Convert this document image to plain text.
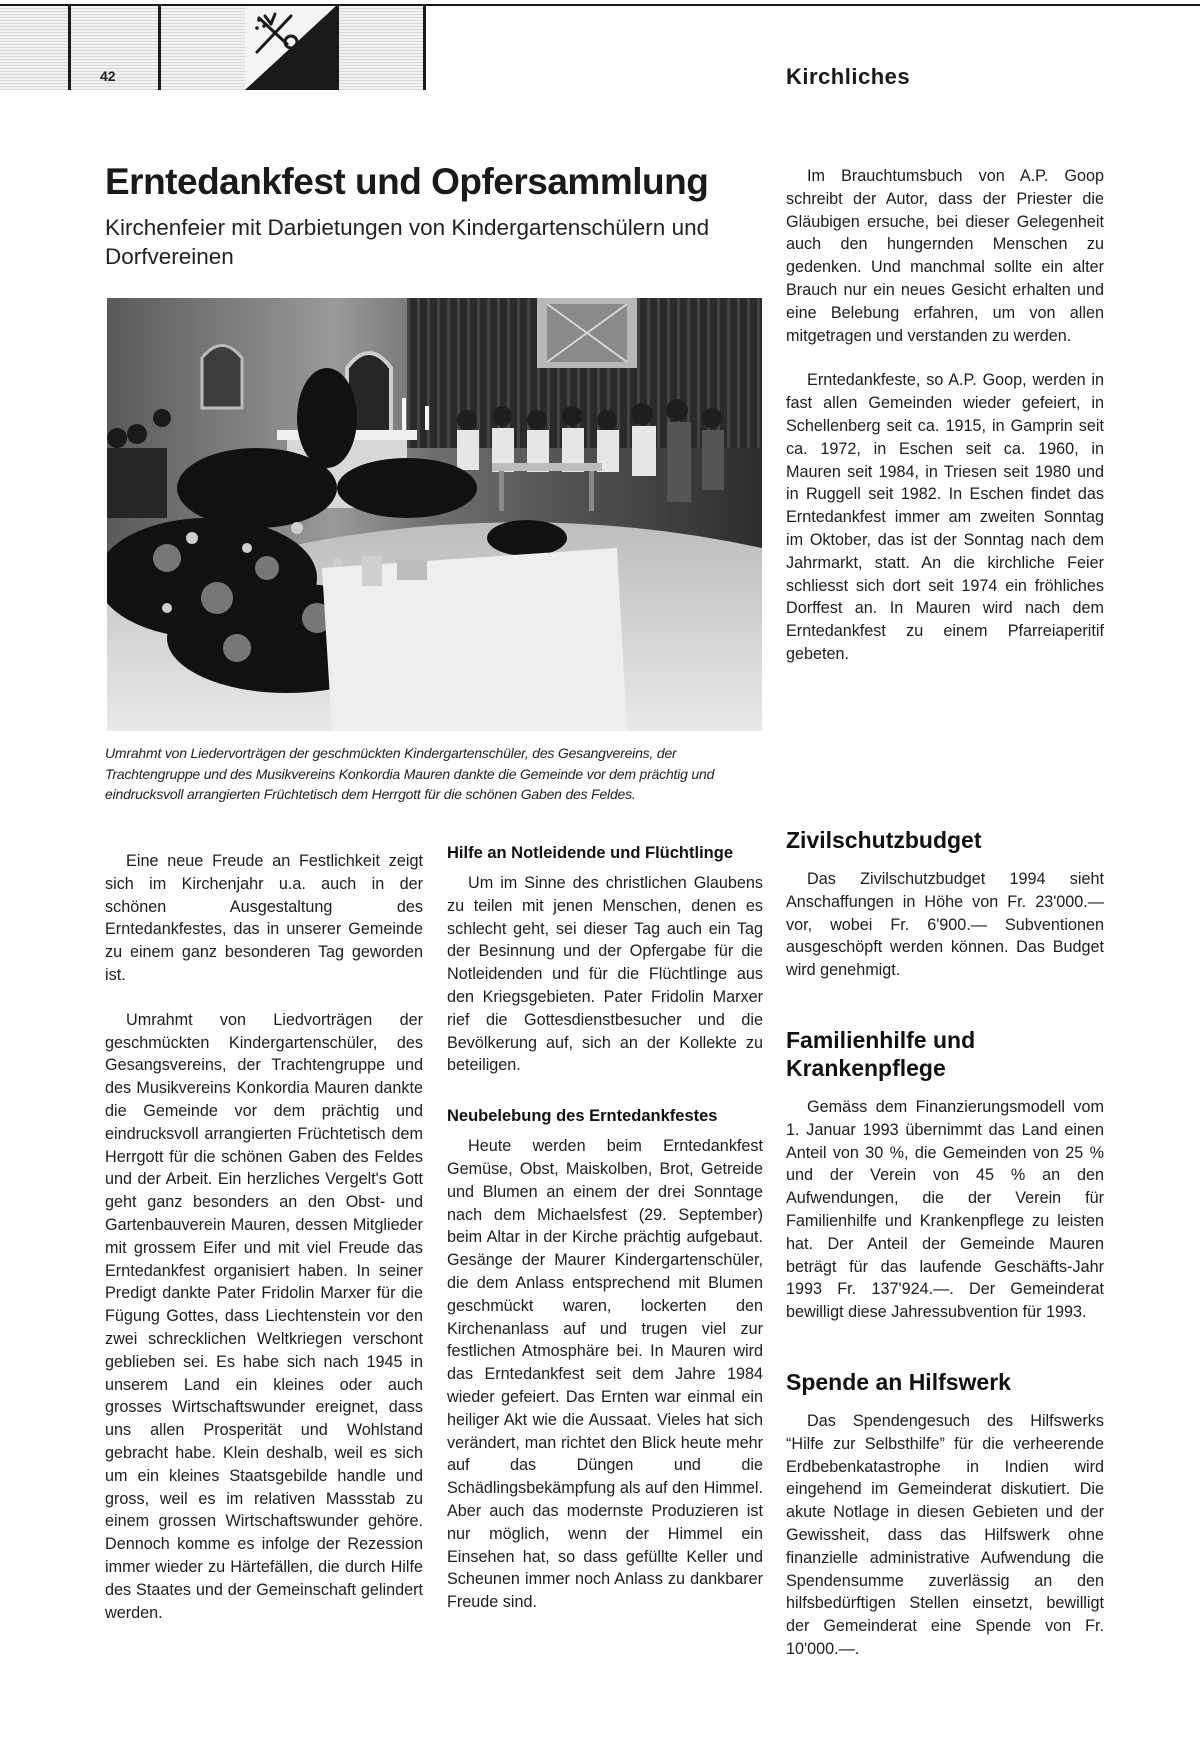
42	Kirchliches
Erntedankfest und Opfersammlung

Kirchenfeier mit Darbietungen von Kindergartenschülern und Dorfvereinen

Umrahmt von Liedervorträgen der geschmückten Kindergartenschüler, des Gesangvereins, der Trachtengruppe und des Musikvereins Konkordia Mauren dankte die Gemeinde vor dem prächtig und eindrucksvoll arrangierten Früchtetisch dem Herrgott für die schönen Gaben des Feldes.

Eine neue Freude an Festlichkeit zeigt sich im Kirchenjahr u.a. auch in der schönen Ausgestaltung des Erntedankfestes, das in unserer Gemeinde zu einem ganz besonderen Tag geworden ist.

Umrahmt von Liedvorträgen der geschmückten Kindergartenschüler, des Gesangsvereins, der Trachtengruppe und des Musikvereins Konkordia Mauren dankte die Gemeinde vor dem prächtig und eindrucksvoll arrangierten Früchtetisch dem Herrgott für die schönen Gaben des Feldes und der Arbeit. Ein herzliches Vergelt's Gott geht ganz besonders an den Obst- und Gartenbauverein Mauren, dessen Mitglieder mit grossem Eifer und mit viel Freude das Erntedankfest organisiert haben. In seiner Predigt dankte Pater Fridolin Marxer für die Fügung Gottes, dass Liechtenstein vor den zwei schrecklichen Weltkriegen verschont geblieben sei. Es habe sich nach 1945 in unserem Land ein kleines oder auch grosses Wirtschaftswunder ereignet, dass uns allen Prosperität und Wohlstand gebracht habe. Klein deshalb, weil es sich um ein kleines Staatsgebilde handle und gross, weil es im relativen Massstab zu einem grossen Wirtschaftswunder gehöre. Dennoch komme es infolge der Rezession immer wieder zu Härtefällen, die durch Hilfe des Staates und der Gemeinschaft gelindert werden.

Hilfe an Notleidende und Flüchtlinge

Um im Sinne des christlichen Glaubens zu teilen mit jenen Menschen, denen es schlecht geht, sei dieser Tag auch ein Tag der Besinnung und der Opfergabe für die Notleidenden und für die Flüchtlinge aus den Kriegsgebieten. Pater Fridolin Marxer rief die Gottesdienstbesucher und die Bevölkerung auf, sich an der Kollekte zu beteiligen.

Neubelebung des Erntedankfestes

Heute werden beim Erntedankfest Gemüse, Obst, Maiskolben, Brot, Getreide und Blumen an einem der drei Sonntage nach dem Michaelsfest (29. September) beim Altar in der Kirche prächtig aufgebaut. Gesänge der Maurer Kindergartenschüler, die dem Anlass entsprechend mit Blumen geschmückt waren, lockerten den Kirchenanlass auf und trugen viel zur festlichen Atmosphäre bei. In Mauren wird das Erntedankfest seit dem Jahre 1984 wieder gefeiert. Das Ernten war einmal ein heiliger Akt wie die Aussaat. Vieles hat sich verändert, man richtet den Blick heute mehr auf das Düngen und die Schädlingsbekämpfung als auf den Himmel. Aber auch das modernste Produzieren ist nur möglich, wenn der Himmel ein Einsehen hat, so dass gefüllte Keller und Scheunen immer noch Anlass zu dankbarer Freude sind.

Im Brauchtumsbuch von A.P. Goop schreibt der Autor, dass der Priester die Gläubigen ersuche, bei dieser Gelegenheit auch den hungernden Menschen zu gedenken. Und manchmal sollte ein alter Brauch nur ein neues Gesicht erhalten und eine Belebung erfahren, um von allen mitgetragen und verstanden zu werden.

Erntedankfeste, so A.P. Goop, werden in fast allen Gemeinden wieder gefeiert, in Schellenberg seit ca. 1915, in Gamprin seit ca. 1972, in Eschen seit ca. 1960, in Mauren seit 1984, in Triesen seit 1980 und in Ruggell seit 1982. In Eschen findet das Erntedankfest immer am zweiten Sonntag im Oktober, das ist der Sonntag nach dem Jahrmarkt, statt. An die kirchliche Feier schliesst sich dort seit 1974 ein fröhliches Dorffest an. In Mauren wird nach dem Erntedankfest zu einem Pfarreiaperitif gebeten.

Zivilschutzbudget

Das Zivilschutzbudget 1994 sieht Anschaffungen in Höhe von Fr. 23'000.— vor, wobei Fr. 6'900.— Subventionen ausgeschöpft werden können. Das Budget wird genehmigt.

Familienhilfe und Krankenpflege

Gemäss dem Finanzierungsmodell vom 1. Januar 1993 übernimmt das Land einen Anteil von 30 %, die Gemeinden von 25 % und der Verein von 45 % an den Aufwendungen, die der Verein für Familienhilfe und Krankenpflege zu leisten hat. Der Anteil der Gemeinde Mauren beträgt für das laufende Geschäfts-Jahr 1993 Fr. 137'924.—. Der Gemeinderat bewilligt diese Jahressubvention für 1993.

Spende an Hilfswerk

Das Spendengesuch des Hilfswerks “Hilfe zur Selbsthilfe” für die verheerende Erdbebenkatastrophe in Indien wird eingehend im Gemeinderat diskutiert. Die akute Notlage in diesen Gebieten und der Gewissheit, dass das Hilfswerk ohne finanzielle administrative Aufwendung die Spendensumme zuverlässig an den hilfsbedürftigen Stellen einsetzt, bewilligt der Gemeinderat eine Spende von Fr. 10'000.—.
